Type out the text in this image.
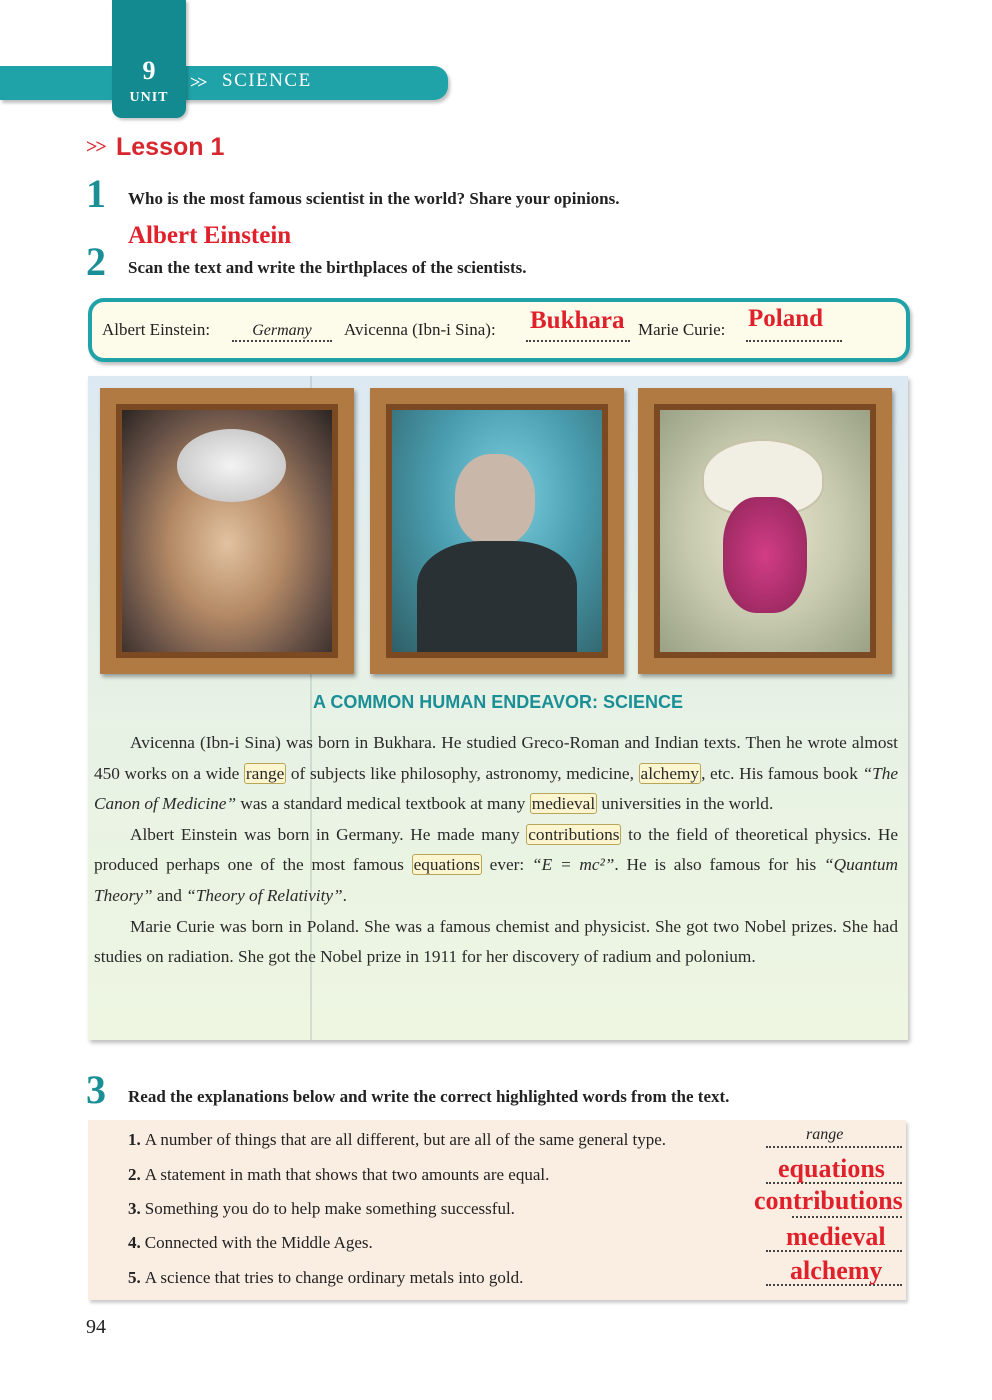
9
UNIT
>> SCIENCE
>> Lesson 1
1 Who is the most famous scientist in the world? Share your opinions.
Albert Einstein
2 Scan the text and write the birthplaces of the scientists.
Albert Einstein:	Germany	Avicenna (Ibn-i Sina): Bukhara Marie Curie: Poland
A COMMON HUMAN ENDEAVOR: SCIENCE

Avicenna (Ibn-i Sina) was born in Bukhara. He studied Greco-Roman and Indian texts. Then he wrote almost 450 works on a wide range of subjects like philosophy, astronomy, medicine, alchemy , etc. His famous book “The Canon of Medicine” was a standard medical textbook at many medieval universities in the world.

Albert Einstein was born in Germany. He made many contributions to the field of theoretical physics. He produced perhaps one of the most famous equations ever: “E = mc²”. He is also famous for his “Quantum Theory” and “Theory of Relativity”.

Marie Curie was born in Poland. She was a famous chemist and physicist. She got two Nobel prizes. She had studies on radiation. She got the Nobel prize in 1911 for her discovery of radium and polonium.

3 Read the explanations below and write the correct highlighted words from the text.
1. A number of things that are all different, but are all of the same general type.
2. A statement in math that shows that two amounts are equal.
3. Something you do to help make something successful.
4. Connected with the Middle Ages.
5. A science that tries to change ordinary metals into gold.
range
equations
contributions
medieval
alchemy
94
